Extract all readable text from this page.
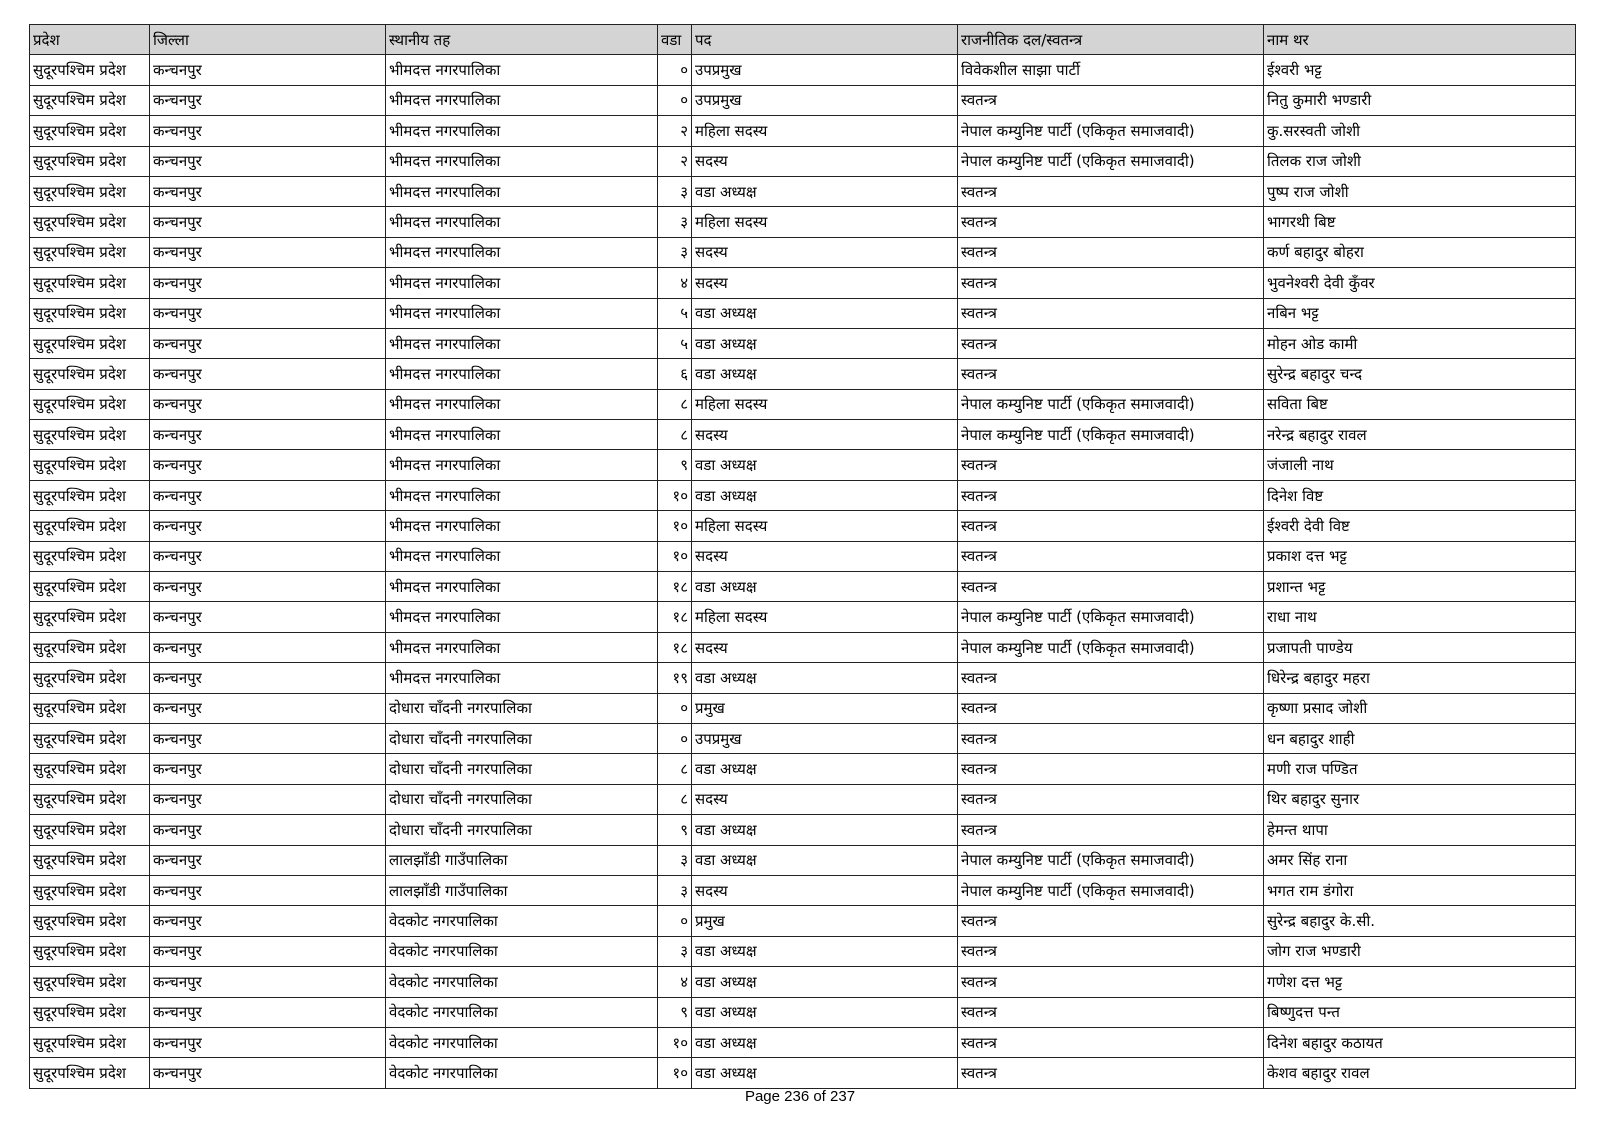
प्रदेश	जिल्ला	स्थानीय तह	वडा	पद	राजनीतिक दल/स्वतन्त्र	नाम थर
सुदूरपश्चिम प्रदेश	कन्चनपुर	भीमदत्त नगरपालिका	०	उपप्रमुख	विवेकशील साझा पार्टी	ईश्वरी भट्ट
सुदूरपश्चिम प्रदेश	कन्चनपुर	भीमदत्त नगरपालिका	०	उपप्रमुख	स्वतन्त्र	नितु कुमारी भण्डारी
सुदूरपश्चिम प्रदेश	कन्चनपुर	भीमदत्त नगरपालिका	२	महिला सदस्य	नेपाल कम्युनिष्ट पार्टी (एकिकृत समाजवादी)	कु.सरस्वती जोशी
सुदूरपश्चिम प्रदेश	कन्चनपुर	भीमदत्त नगरपालिका	२	सदस्य	नेपाल कम्युनिष्ट पार्टी (एकिकृत समाजवादी)	तिलक राज जोशी
सुदूरपश्चिम प्रदेश	कन्चनपुर	भीमदत्त नगरपालिका	३	वडा अध्यक्ष	स्वतन्त्र	पुष्प राज जोशी
सुदूरपश्चिम प्रदेश	कन्चनपुर	भीमदत्त नगरपालिका	३	महिला सदस्य	स्वतन्त्र	भागरथी बिष्ट
सुदूरपश्चिम प्रदेश	कन्चनपुर	भीमदत्त नगरपालिका	३	सदस्य	स्वतन्त्र	कर्ण बहादुर बोहरा
सुदूरपश्चिम प्रदेश	कन्चनपुर	भीमदत्त नगरपालिका	४	सदस्य	स्वतन्त्र	भुवनेश्वरी देवी कुँवर
सुदूरपश्चिम प्रदेश	कन्चनपुर	भीमदत्त नगरपालिका	५	वडा अध्यक्ष	स्वतन्त्र	नबिन भट्ट
सुदूरपश्चिम प्रदेश	कन्चनपुर	भीमदत्त नगरपालिका	५	वडा अध्यक्ष	स्वतन्त्र	मोहन ओड कामी
सुदूरपश्चिम प्रदेश	कन्चनपुर	भीमदत्त नगरपालिका	६	वडा अध्यक्ष	स्वतन्त्र	सुरेन्द्र बहादुर चन्द
सुदूरपश्चिम प्रदेश	कन्चनपुर	भीमदत्त नगरपालिका	८	महिला सदस्य	नेपाल कम्युनिष्ट पार्टी (एकिकृत समाजवादी)	सविता बिष्ट
सुदूरपश्चिम प्रदेश	कन्चनपुर	भीमदत्त नगरपालिका	८	सदस्य	नेपाल कम्युनिष्ट पार्टी (एकिकृत समाजवादी)	नरेन्द्र बहादुर रावल
सुदूरपश्चिम प्रदेश	कन्चनपुर	भीमदत्त नगरपालिका	९	वडा अध्यक्ष	स्वतन्त्र	जंजाली नाथ
सुदूरपश्चिम प्रदेश	कन्चनपुर	भीमदत्त नगरपालिका	१०	वडा अध्यक्ष	स्वतन्त्र	दिनेश विष्ट
सुदूरपश्चिम प्रदेश	कन्चनपुर	भीमदत्त नगरपालिका	१०	महिला सदस्य	स्वतन्त्र	ईश्वरी देवी विष्ट
सुदूरपश्चिम प्रदेश	कन्चनपुर	भीमदत्त नगरपालिका	१०	सदस्य	स्वतन्त्र	प्रकाश दत्त भट्ट
सुदूरपश्चिम प्रदेश	कन्चनपुर	भीमदत्त नगरपालिका	१८	वडा अध्यक्ष	स्वतन्त्र	प्रशान्त भट्ट
सुदूरपश्चिम प्रदेश	कन्चनपुर	भीमदत्त नगरपालिका	१८	महिला सदस्य	नेपाल कम्युनिष्ट पार्टी (एकिकृत समाजवादी)	राधा नाथ
सुदूरपश्चिम प्रदेश	कन्चनपुर	भीमदत्त नगरपालिका	१८	सदस्य	नेपाल कम्युनिष्ट पार्टी (एकिकृत समाजवादी)	प्रजापती पाण्डेय
सुदूरपश्चिम प्रदेश	कन्चनपुर	भीमदत्त नगरपालिका	१९	वडा अध्यक्ष	स्वतन्त्र	धिरेन्द्र बहादुर महरा
सुदूरपश्चिम प्रदेश	कन्चनपुर	दोधारा चाँदनी नगरपालिका	०	प्रमुख	स्वतन्त्र	कृष्णा प्रसाद जोशी
सुदूरपश्चिम प्रदेश	कन्चनपुर	दोधारा चाँदनी नगरपालिका	०	उपप्रमुख	स्वतन्त्र	धन बहादुर शाही
सुदूरपश्चिम प्रदेश	कन्चनपुर	दोधारा चाँदनी नगरपालिका	८	वडा अध्यक्ष	स्वतन्त्र	मणी राज पण्डित
सुदूरपश्चिम प्रदेश	कन्चनपुर	दोधारा चाँदनी नगरपालिका	८	सदस्य	स्वतन्त्र	थिर बहादुर सुनार
सुदूरपश्चिम प्रदेश	कन्चनपुर	दोधारा चाँदनी नगरपालिका	९	वडा अध्यक्ष	स्वतन्त्र	हेमन्त थापा
सुदूरपश्चिम प्रदेश	कन्चनपुर	लालझाँडी गाउँपालिका	३	वडा अध्यक्ष	नेपाल कम्युनिष्ट पार्टी (एकिकृत समाजवादी)	अमर सिंह राना
सुदूरपश्चिम प्रदेश	कन्चनपुर	लालझाँडी गाउँपालिका	३	सदस्य	नेपाल कम्युनिष्ट पार्टी (एकिकृत समाजवादी)	भगत राम डंगोरा
सुदूरपश्चिम प्रदेश	कन्चनपुर	वेदकोट नगरपालिका	०	प्रमुख	स्वतन्त्र	सुरेन्द्र बहादुर के.सी.
सुदूरपश्चिम प्रदेश	कन्चनपुर	वेदकोट नगरपालिका	३	वडा अध्यक्ष	स्वतन्त्र	जोग राज भण्डारी
सुदूरपश्चिम प्रदेश	कन्चनपुर	वेदकोट नगरपालिका	४	वडा अध्यक्ष	स्वतन्त्र	गणेश दत्त भट्ट
सुदूरपश्चिम प्रदेश	कन्चनपुर	वेदकोट नगरपालिका	९	वडा अध्यक्ष	स्वतन्त्र	बिष्णुदत्त पन्त
सुदूरपश्चिम प्रदेश	कन्चनपुर	वेदकोट नगरपालिका	१०	वडा अध्यक्ष	स्वतन्त्र	दिनेश बहादुर कठायत
सुदूरपश्चिम प्रदेश	कन्चनपुर	वेदकोट नगरपालिका	१०	वडा अध्यक्ष	स्वतन्त्र	केशव बहादुर रावल
Page 236 of 237
